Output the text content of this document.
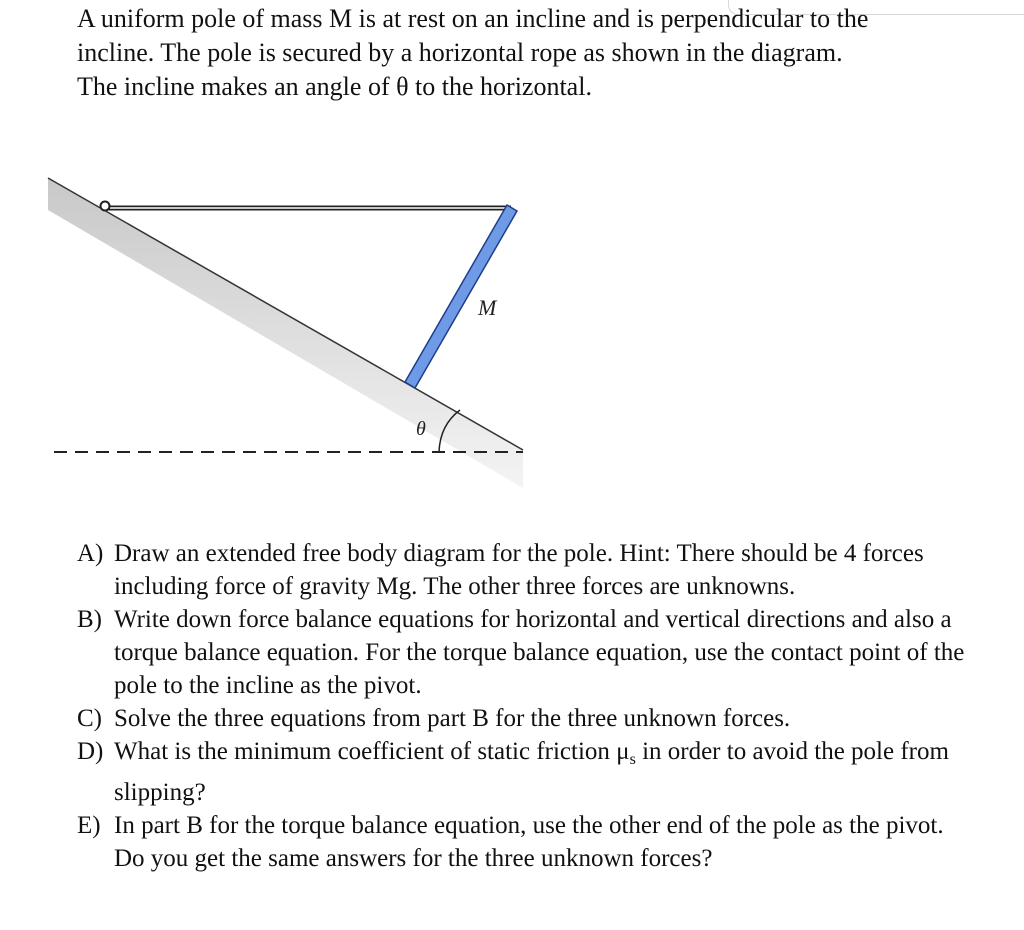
A uniform pole of mass M is at rest on an incline and is perpendicular to the
incline. The pole is secured by a horizontal rope as shown in the diagram.
The incline makes an angle of θ to the horizontal.
M
θ
A) Draw an extended free body diagram for the pole. Hint: There should be 4 forces including force of gravity Mg. The other three forces are unknowns.
B) Write down force balance equations for horizontal and vertical directions and also a torque balance equation. For the torque balance equation, use the contact point of the pole to the incline as the pivot.
C) Solve the three equations from part B for the three unknown forces.
D) What is the minimum coefficient of static friction $\mu_s$ in order to avoid the pole from slipping?
E) In part B for the torque balance equation, use the other end of the pole as the pivot. Do you get the same answers for the three unknown forces?
